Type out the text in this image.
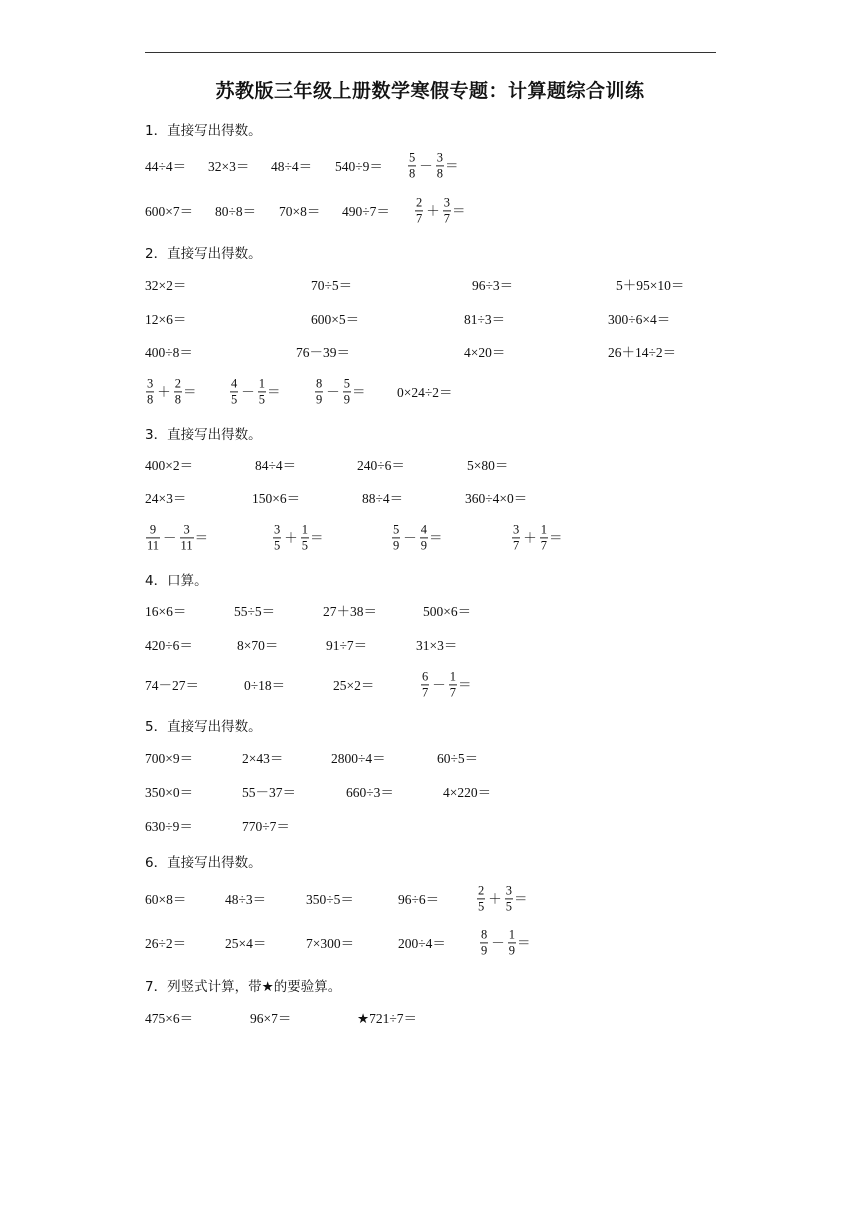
苏教版三年级上册数学寒假专题：计算题综合训练
1．直接写出得数。
2．直接写出得数。
3．直接写出得数。
4．口算。
5．直接写出得数。
6．直接写出得数。
7．列竖式计算，带★的要验算。
$44\div 4= 32\times 3= 48\div 4= 540\div 9= \frac{5}{8} - \frac{3}{8}$ ＝
$600\times 7= 80\div 8= 70\times 8= 490\div 7= \frac{2}{7} + \frac{3}{7}$ ＝
32×2＝	70÷5＝	96÷3＝	5＋95×10＝
12×6＝	600×5＝	81÷3＝	300÷6×4＝
400÷8＝	76－39＝	4×20＝	26＋14÷2＝
$\frac{3}{8} + \frac{2}{8}$ ＝	$\frac{4}{5} - \frac{1}{5}$ ＝	$\frac{8}{9} - \frac{5}{9} = 0\times 24\div 2=$
400×2＝	84÷4＝	240÷6＝	5×80＝
24×3＝	150×6＝	88÷4＝	360÷4×0＝
$\frac{9}{11} - \frac{3}{11}$ ＝	$\frac{3}{5} + \frac{1}{5}$ ＝	$\frac{5}{9} - \frac{4}{9}$ ＝	$\frac{3}{7} + \frac{1}{7}$ ＝
16×6＝	55÷5＝	27＋38＝	500×6＝
420÷6＝	8×70＝	91÷7＝	31×3＝
74－27＝	0÷18＝	25×2＝	$\frac{6}{7} - \frac{1}{7}$ ＝
700×9＝	2×43＝	2800÷4＝	60÷5＝
350×0＝	55－37＝	660÷3＝	4×220＝
630÷9＝	770÷7＝
60×8＝	48÷3＝	350÷5＝	96÷6＝	$\frac{2}{5} + \frac{3}{5}$ ＝
26÷2＝	25×4＝	7×300＝	200÷4＝	$\frac{8}{9} - \frac{1}{9}$ ＝
475×6＝	96×7＝	★721÷7＝
